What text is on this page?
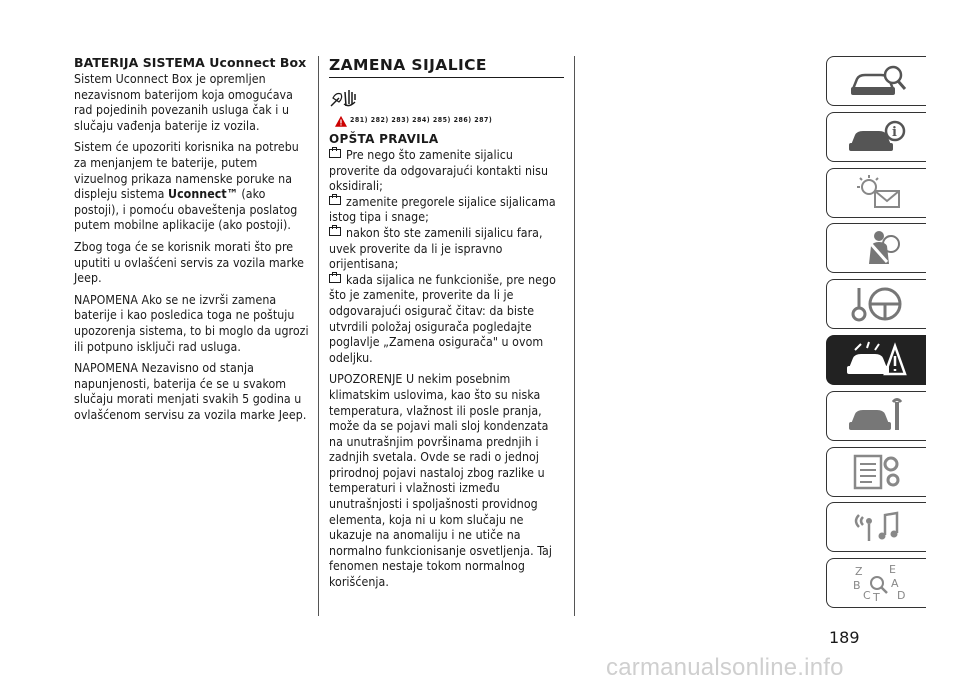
BATERIJA SISTEMA Uconnect Box

Sistem Uconnect Box je opremljen nezavisnom baterijom koja omogućava rad pojedinih povezanih usluga čak i u slučaju vađenja baterije iz vozila.

Sistem će upozoriti korisnika na potrebu za menjanjem te baterije, putem vizuelnog prikaza namenske poruke na displeju sistema Uconnect™ (ako postoji), i pomoću obaveštenja poslatog putem mobilne aplikacije (ako postoji).

Zbog toga će se korisnik morati što pre uputiti u ovlašćeni servis za vozila marke Jeep.

NAPOMENA Ako se ne izvrši zamena baterije i kao posledica toga ne poštuju upozorenja sistema, to bi moglo da ugrozi ili potpuno isključi rad usluga.

NAPOMENA Nezavisno od stanja napunjenosti, baterija će se u svakom slučaju morati menjati svakih 5 godina u ovlašćenom servisu za vozila marke Jeep.

ZAMENA SIJALICE
281) 282) 283) 284) 285) 286) 287)
OPŠTA PRAVILA
Pre nego što zamenite sijalicu proverite da odgovarajući kontakti nisu oksidirali;
zamenite pregorele sijalice sijalicama istog tipa i snage;
nakon što ste zamenili sijalicu fara, uvek proverite da li je ispravno orijentisana;
kada sijalica ne funkcioniše, pre nego što je zamenite, proverite da li je odgovarajući osigurač čitav: da biste utvrdili položaj osigurača pogledajte poglavlje „Zamena osigurača" u ovom odeljku.

UPOZORENJE U nekim posebnim klimatskim uslovima, kao što su niska temperatura, vlažnost ili posle pranja, može da se pojavi mali sloj kondenzata na unutrašnjim površinama prednjih i zadnjih svetala. Ovde se radi o jednoj prirodnoj pojavi nastaloj zbog razlike u temperaturi i vlažnosti između unutrašnjosti i spoljašnosti providnog elementa, koja ni u kom slučaju ne ukazuje na anomaliju i ne utiče na normalno funkcionisanje osvetljenja. Taj fenomen nestaje tokom normalnog korišćenja.

i
Z E
B	A
C T D
189
carmanualsonline.info
